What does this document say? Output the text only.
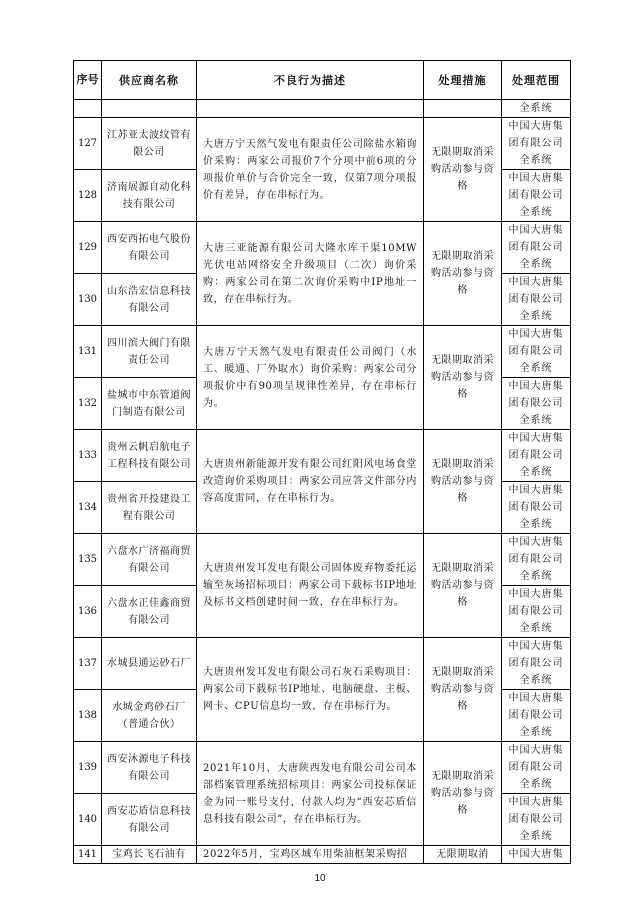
序号	供应商名称	不良行为描述	处理措施	处理范围
				全系统
127	江苏亚太波纹管有限公司	大唐万宁天然气发电有限责任公司除盐水箱询价采购：两家公司报价7个分项中前6项的分项报价单价与合价完全一致，仅第7项分项报价有差异，存在串标行为。	无限期取消采购活动参与资格	中国大唐集团有限公司全系统
128	济南展源自动化科技有限公司			中国大唐集团有限公司全系统
129	西安西拓电气股份有限公司	大唐三亚能源有限公司大隆水库干渠10MW光伏电站网络安全升级项目（二次）询价采购：两家公司在第二次询价采购中IP地址一致，存在串标行为。	无限期取消采购活动参与资格	中国大唐集团有限公司全系统
130	山东浩宏信息科技有限公司			中国大唐集团有限公司全系统
131	四川滨大阀门有限责任公司	大唐万宁天然气发电有限责任公司阀门（水工、暖通、厂外取水）询价采购：两家公司分项报价中有90项呈规律性差异，存在串标行为。	无限期取消采购活动参与资格	中国大唐集团有限公司全系统
132	盐城市中东管道阀门制造有限公司			中国大唐集团有限公司全系统
133	贵州云帆启航电子工程科技有限公司	大唐贵州新能源开发有限公司红阳风电场食堂改造询价采购项目：两家公司应答文件部分内容高度雷同，存在串标行为。	无限期取消采购活动参与资格	中国大唐集团有限公司全系统
134	贵州省开投建设工程有限公司			中国大唐集团有限公司全系统
135	六盘水广济福商贸有限公司	大唐贵州发耳发电有限公司固体废弃物委托运输至灰场招标项目：两家公司下载标书IP地址及标书文档创建时间一致，存在串标行为。	无限期取消采购活动参与资格	中国大唐集团有限公司全系统
136	六盘水正佳鑫商贸有限公司			中国大唐集团有限公司全系统
137	水城县通运砂石厂	大唐贵州发耳发电有限公司石灰石采购项目：两家公司下载标书IP地址、电脑硬盘、主板、网卡、CPU信息均一致，存在串标行为。	无限期取消采购活动参与资格	中国大唐集团有限公司全系统
138	水城金鸡砂石厂（普通合伙）			中国大唐集团有限公司全系统
139	西安沐源电子科技有限公司	2021年10月，大唐陕西发电有限公司公司本部档案管理系统招标项目：两家公司投标保证金为同一账号支付，付款人均为“西安芯盾信息科技有限公司”，存在串标行为。	无限期取消采购活动参与资格	中国大唐集团有限公司全系统
140	西安芯盾信息科技有限公司			中国大唐集团有限公司全系统
141	宝鸡长飞石油有	2022年5月，宝鸡区域车用柴油框架采购招	无限期取消	中国大唐集
10
